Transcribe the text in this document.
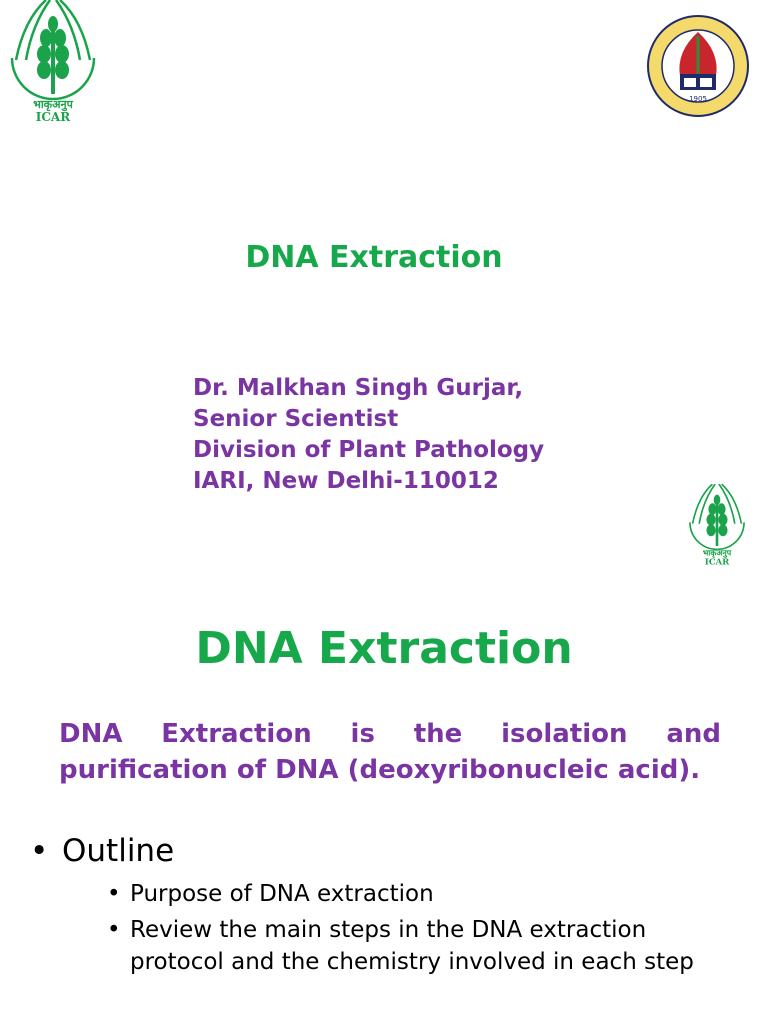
भाकृअनुप
ICAR
1905
DNA Extraction
Dr. Malkhan Singh Gurjar,
Senior Scientist
Division of Plant Pathology
IARI, New Delhi-110012
भाकृअनुप
ICAR
DNA Extraction
DNA Extraction is the isolation and purification of DNA (deoxyribonucleic acid).
• Outline
• Purpose of DNA extraction
• Review the main steps in the DNA extraction protocol and the chemistry involved in each step
